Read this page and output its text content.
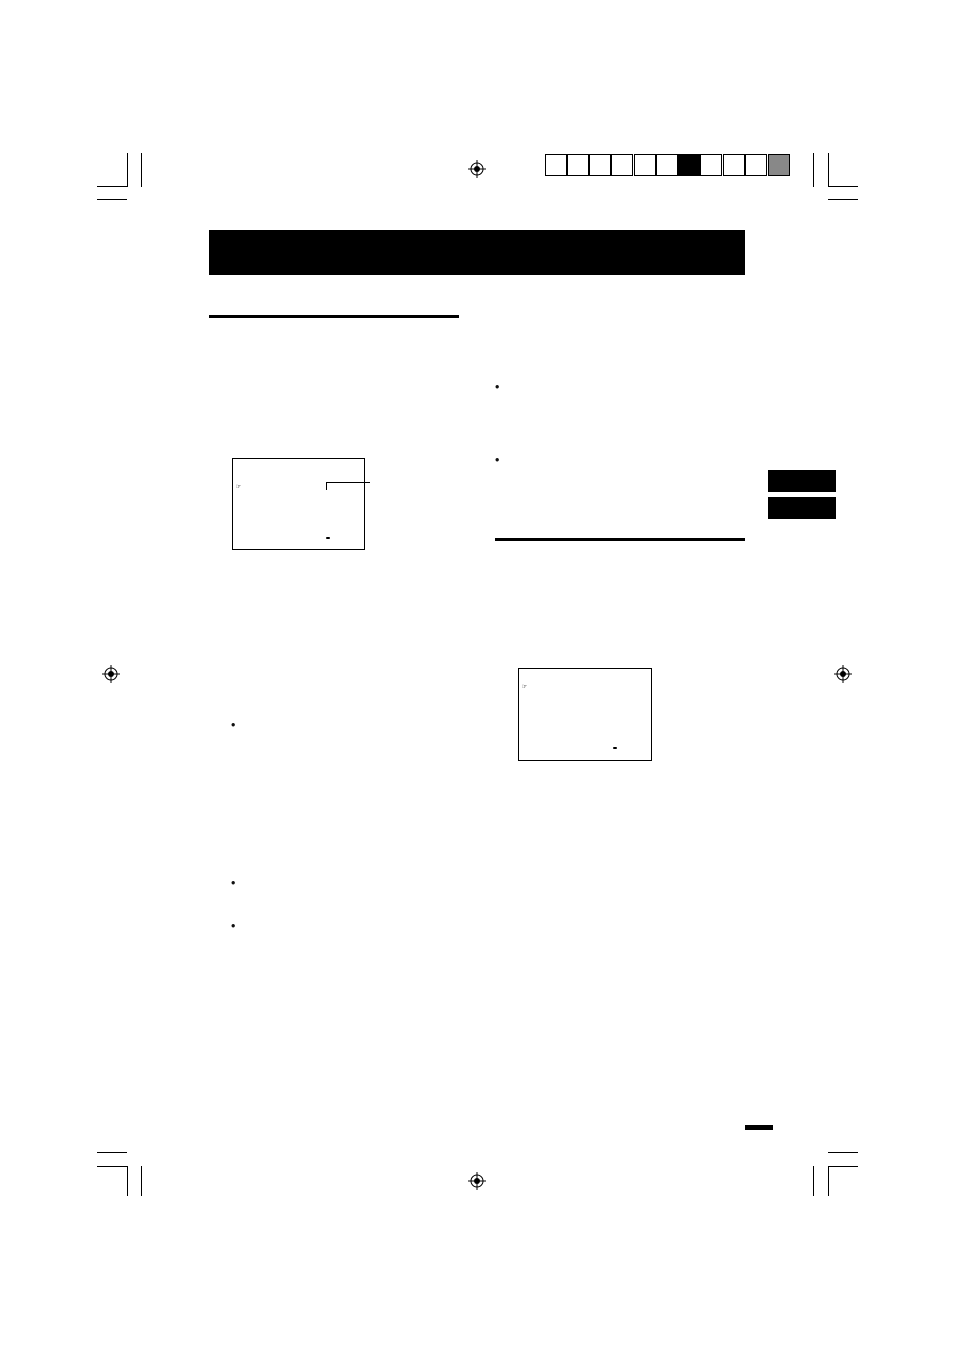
☞
•
•
•
•
•
☞
